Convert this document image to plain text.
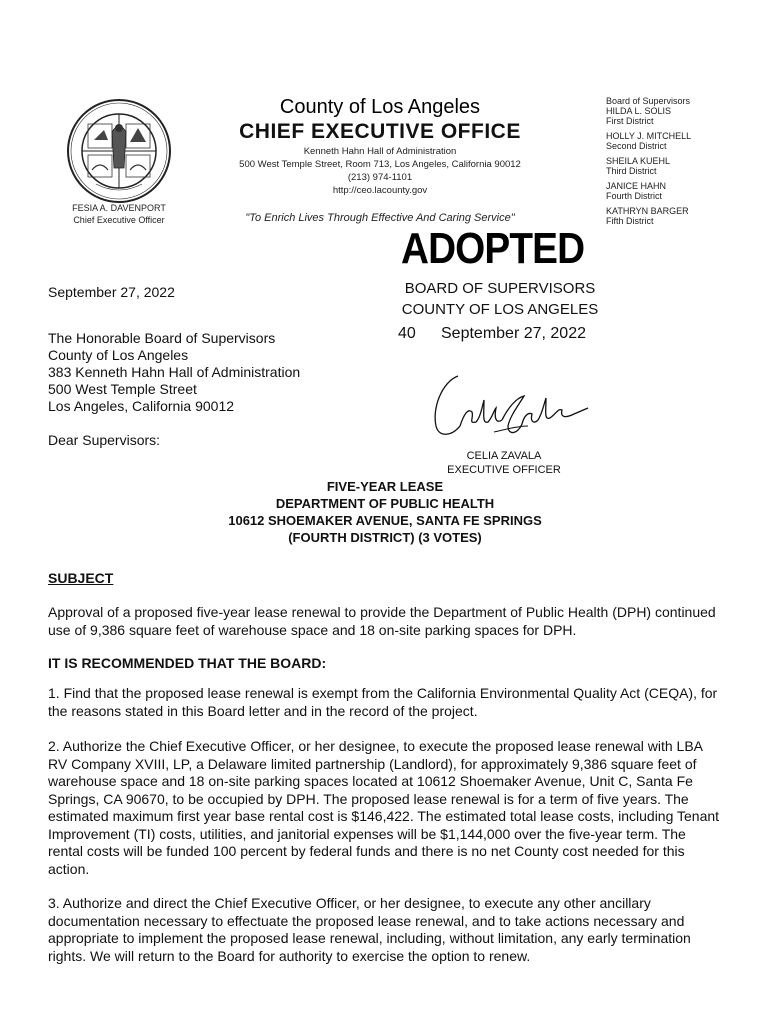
County of Los Angeles
CHIEF EXECUTIVE OFFICE
Kenneth Hahn Hall of Administration
500 West Temple Street, Room 713, Los Angeles, California 90012
(213) 974-1101
http://ceo.lacounty.gov
"To Enrich Lives Through Effective And Caring Service"
FESIA A. DAVENPORT
Chief Executive Officer
Board of Supervisors
HILDA L. SOLIS
First District
HOLLY J. MITCHELL
Second District
SHEILA KUEHL
Third District
JANICE HAHN
Fourth District
KATHRYN BARGER
Fifth District
ADOPTED
BOARD OF SUPERVISORS
COUNTY OF LOS ANGELES
40 September 27, 2022
September 27, 2022
The Honorable Board of Supervisors
County of Los Angeles
383 Kenneth Hahn Hall of Administration
500 West Temple Street
Los Angeles, California 90012
Dear Supervisors:
CELIA ZAVALA
EXECUTIVE OFFICER
FIVE-YEAR LEASE
DEPARTMENT OF PUBLIC HEALTH
10612 SHOEMAKER AVENUE, SANTA FE SPRINGS
(FOURTH DISTRICT) (3 VOTES)
SUBJECT
Approval of a proposed five-year lease renewal to provide the Department of Public Health (DPH) continued use of 9,386 square feet of warehouse space and 18 on-site parking spaces for DPH.
IT IS RECOMMENDED THAT THE BOARD:
1. Find that the proposed lease renewal is exempt from the California Environmental Quality Act (CEQA), for the reasons stated in this Board letter and in the record of the project.
2. Authorize the Chief Executive Officer, or her designee, to execute the proposed lease renewal with LBA RV Company XVIII, LP, a Delaware limited partnership (Landlord), for approximately 9,386 square feet of warehouse space and 18 on-site parking spaces located at 10612 Shoemaker Avenue, Unit C, Santa Fe Springs, CA 90670, to be occupied by DPH. The proposed lease renewal is for a term of five years. The estimated maximum first year base rental cost is $146,422. The estimated total lease costs, including Tenant Improvement (TI) costs, utilities, and janitorial expenses will be $1,144,000 over the five-year term. The rental costs will be funded 100 percent by federal funds and there is no net County cost needed for this action.
3. Authorize and direct the Chief Executive Officer, or her designee, to execute any other ancillary documentation necessary to effectuate the proposed lease renewal, and to take actions necessary and appropriate to implement the proposed lease renewal, including, without limitation, any early termination rights. We will return to the Board for authority to exercise the option to renew.
